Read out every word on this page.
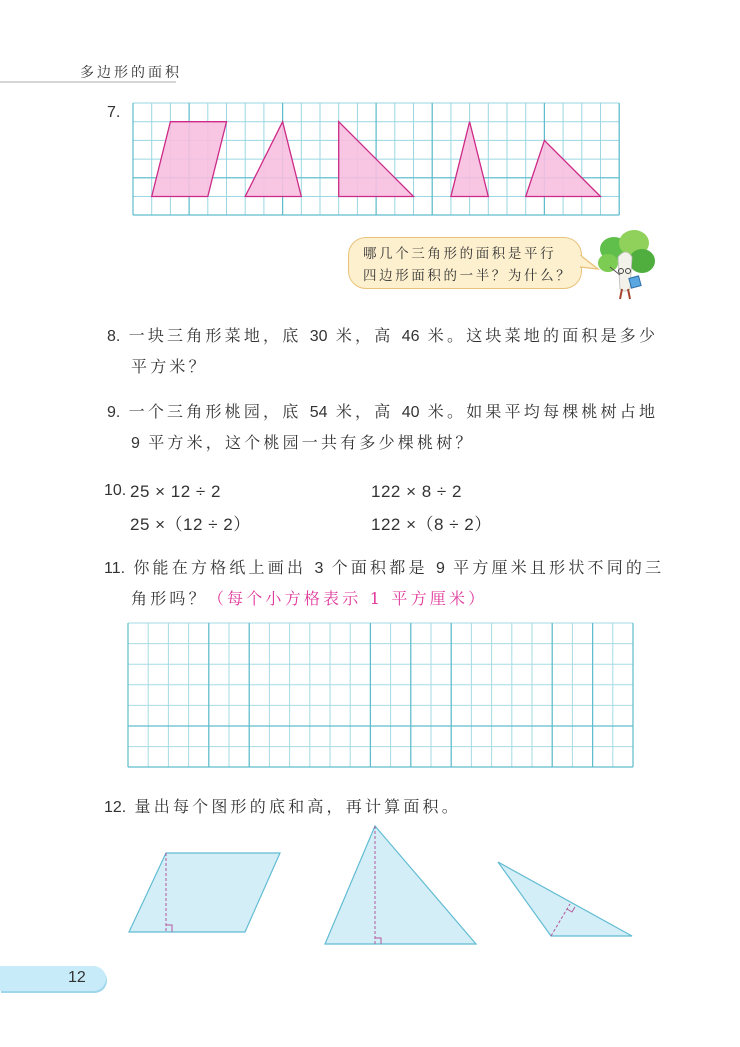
多边形的面积
7.
哪几个三角形的面积是平行
四边形面积的一半？为什么？
8. 一块三角形菜地，底 30 米，高 46 米。这块菜地的面积是多少
平方米？
9. 一个三角形桃园，底 54 米，高 40 米。如果平均每棵桃树占地
9 平方米，这个桃园一共有多少棵桃树？
10. 25 × 12 ÷ 2	122 × 8 ÷ 2
25 ×（12 ÷ 2）	122 ×（8 ÷ 2）
11. 你能在方格纸上画出 3 个面积都是 9 平方厘米且形状不同的三
角形吗？（每个小方格表示 1 平方厘米）
12. 量出每个图形的底和高，再计算面积。
12
